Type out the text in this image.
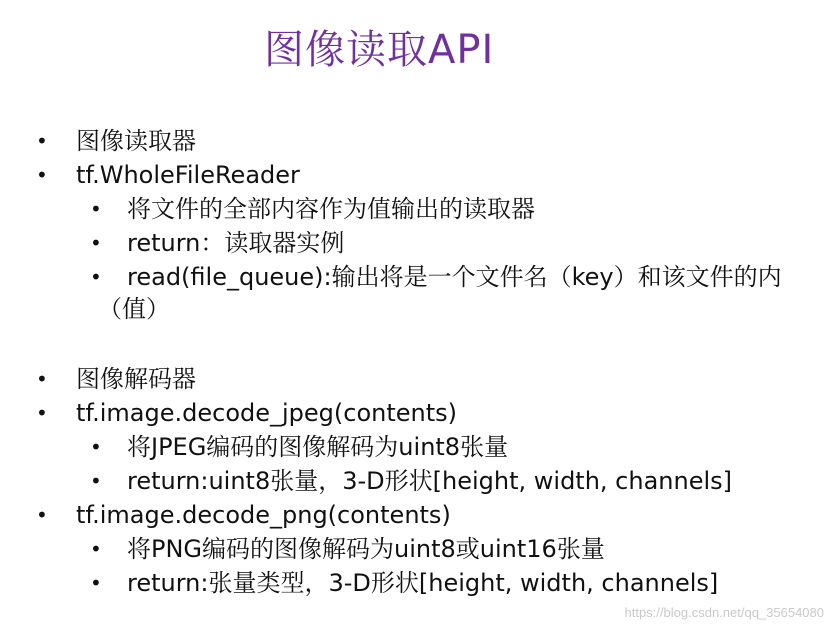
图像读取API
• 图像读取器
• tf.WholeFileReader
• 将文件的全部内容作为值输出的读取器
• return：读取器实例
• read(file_queue):输出将是一个文件名（key）和该文件的内
（值）
• 图像解码器
• tf.image.decode_jpeg(contents)
• 将JPEG编码的图像解码为uint8张量
• return:uint8张量，3-D形状[height, width, channels]
• tf.image.decode_png(contents)
• 将PNG编码的图像解码为uint8或uint16张量
• return:张量类型，3-D形状[height, width, channels]
https://blog.csdn.net/qq_35654080
